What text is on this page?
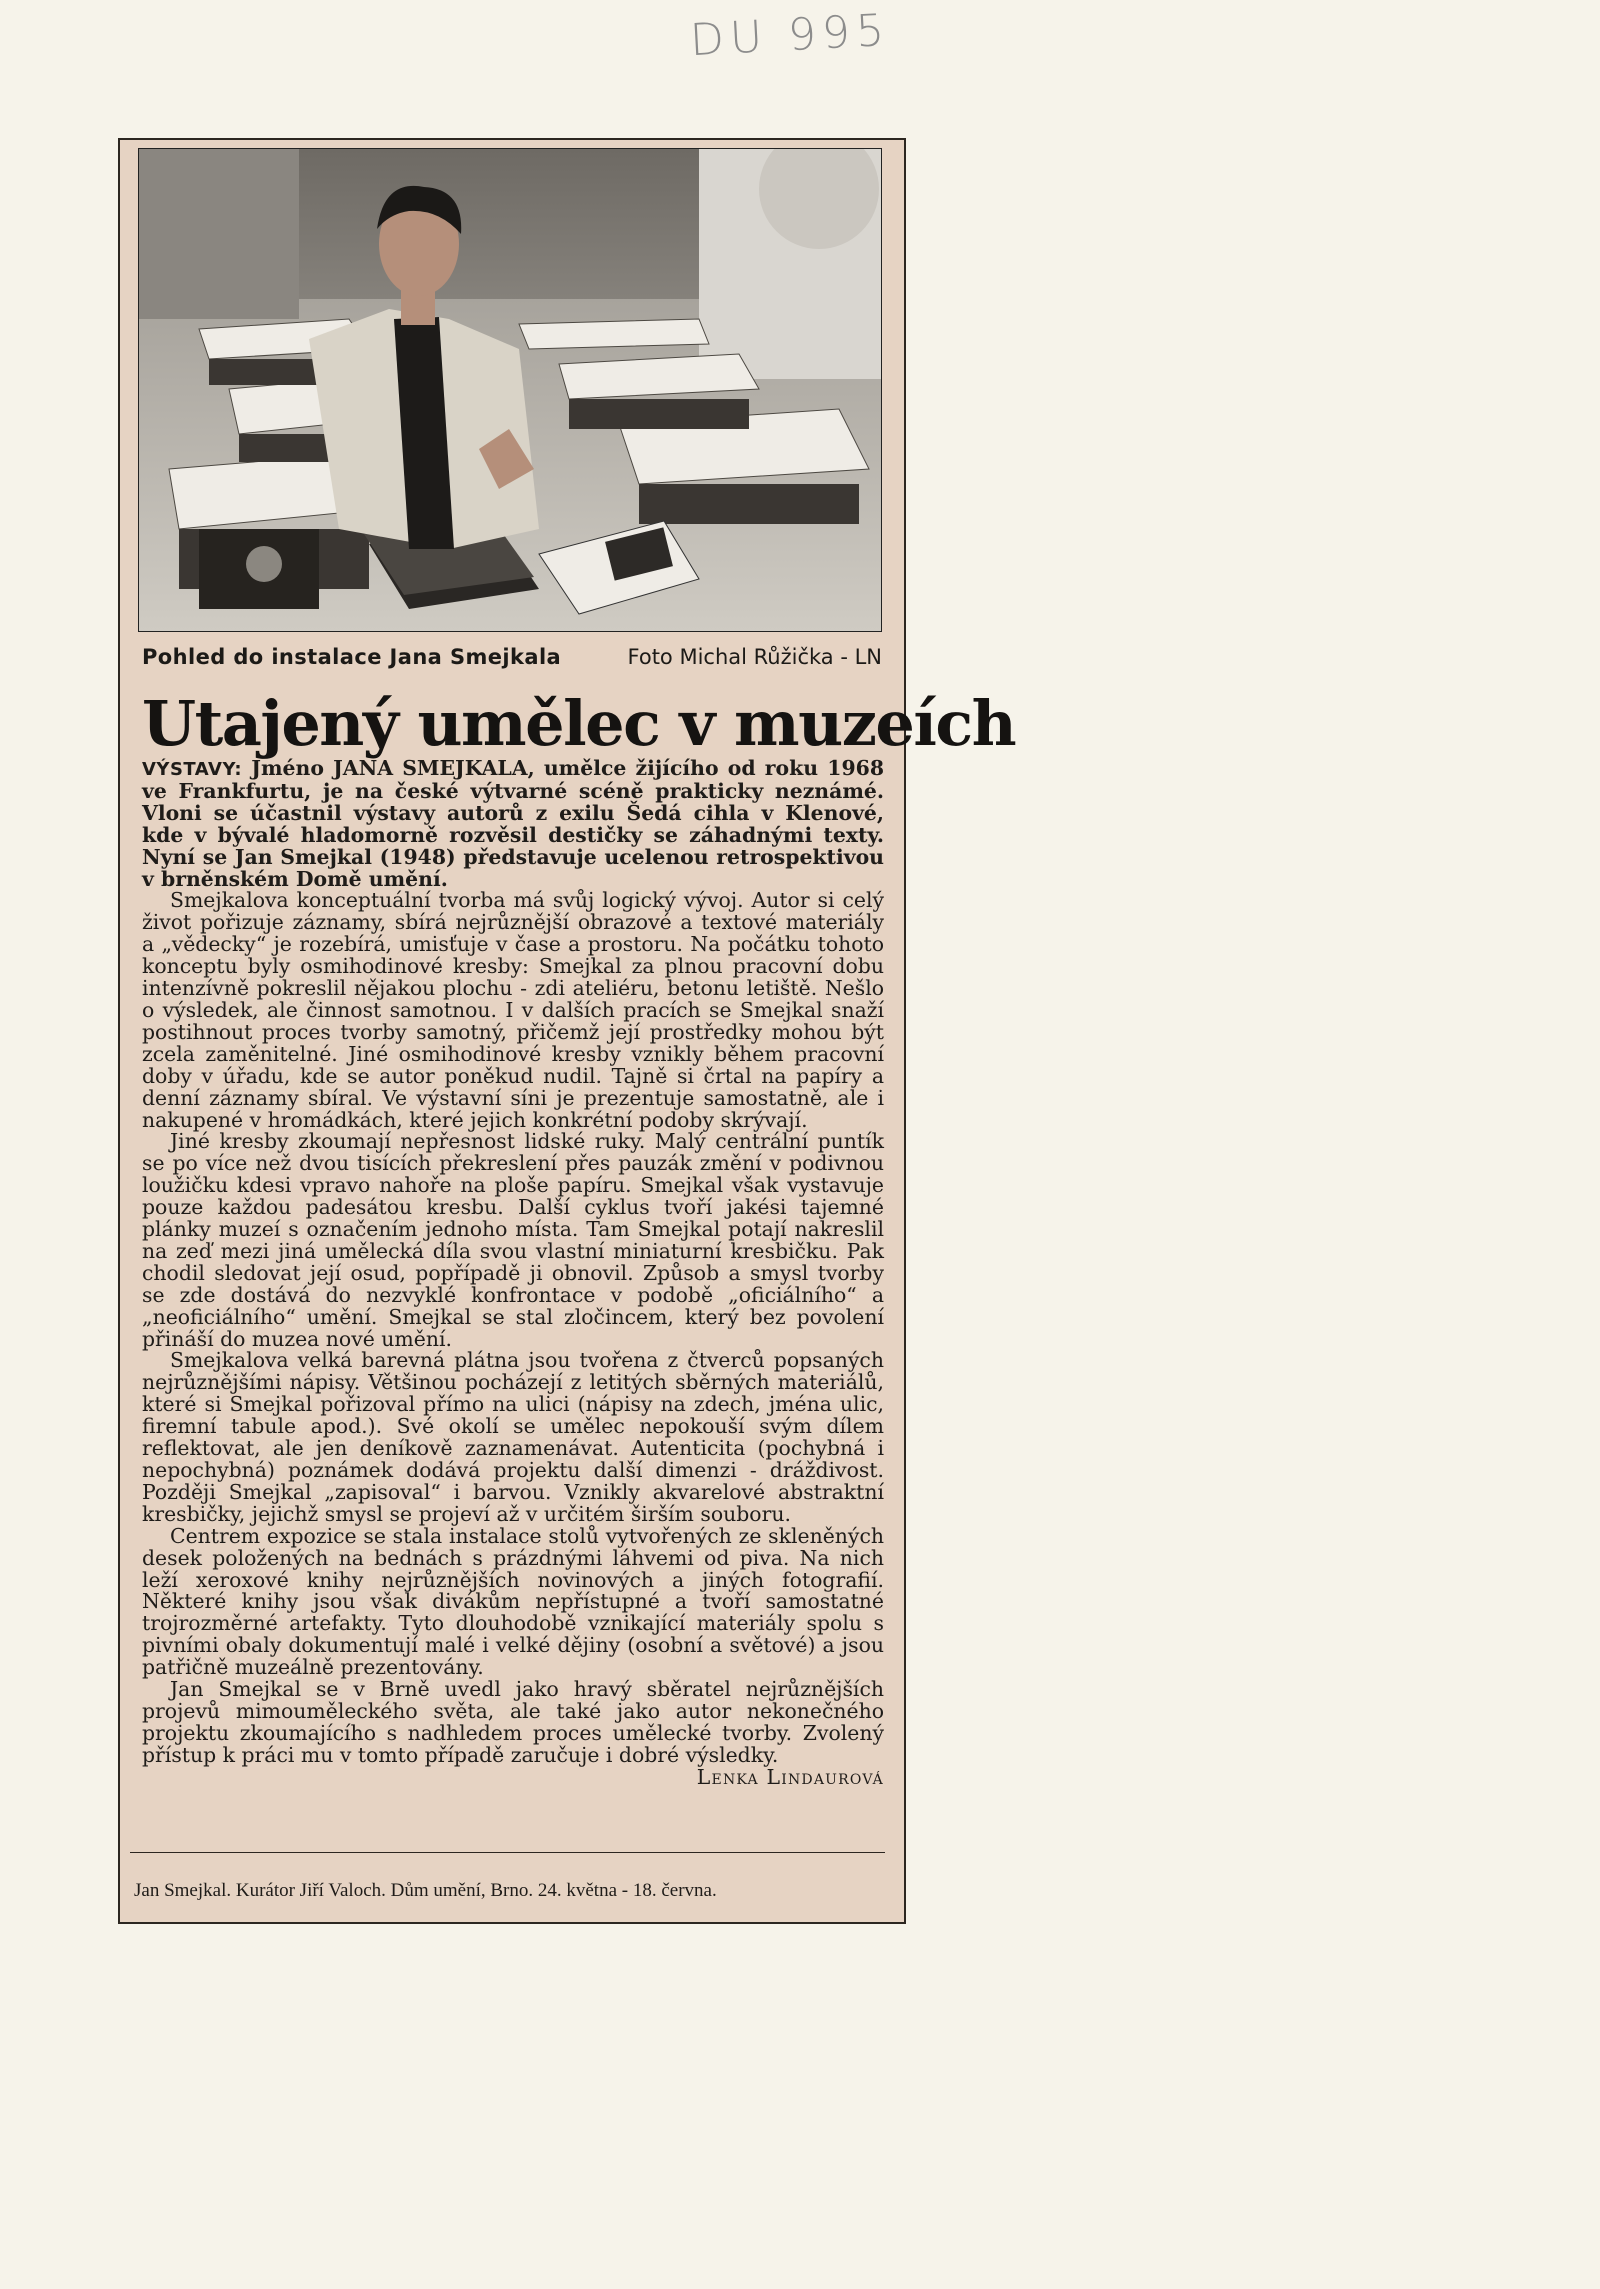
DU 995
Pohled do instalace Jana Smejkala	Foto Michal Růžička - LN
Utajený umělec v muzeích

VÝSTAVY: Jméno JANA SMEJKALA, umělce žijícího od roku 1968 ve Frankfurtu, je na české výtvarné scéně prakticky neznámé. Vloni se účastnil výstavy autorů z exilu Šedá cihla v Klenové, kde v bývalé hladomorně rozvěsil destičky se záhadnými texty. Nyní se Jan Smejkal (1948) představuje ucelenou retrospektivou v brněnském Domě umění.

Smejkalova konceptuální tvorba má svůj logický vývoj. Autor si celý život pořizuje záznamy, sbírá nejrůznější obrazové a textové materiály a „vědecky“ je rozebírá, umisťuje v čase a prostoru. Na počátku tohoto konceptu byly osmihodinové kresby: Smejkal za plnou pracovní dobu intenzívně pokreslil nějakou plochu - zdi ateliéru, betonu letiště. Nešlo o výsledek, ale činnost samotnou. I v dalších pracích se Smejkal snaží postihnout proces tvorby samotný, přičemž její prostředky mohou být zcela zaměnitelné. Jiné osmihodinové kresby vznikly během pracovní doby v úřadu, kde se autor poněkud nudil. Tajně si črtal na papíry a denní záznamy sbíral. Ve výstavní síni je prezentuje samostatně, ale i nakupené v hromádkách, které jejich konkrétní podoby skrývají.

Jiné kresby zkoumají nepřesnost lidské ruky. Malý centrální puntík se po více než dvou tisících překreslení přes pauzák změní v podivnou loužičku kdesi vpravo nahoře na ploše papíru. Smejkal však vystavuje pouze každou padesátou kresbu. Další cyklus tvoří jakési tajemné plánky muzeí s označením jednoho místa. Tam Smejkal potají nakreslil na zeď mezi jiná umělecká díla svou vlastní miniaturní kresbičku. Pak chodil sledovat její osud, popřípadě ji obnovil. Způsob a smysl tvorby se zde dostává do nezvyklé konfrontace v podobě „oficiálního“ a „neoficiálního“ umění. Smejkal se stal zločincem, který bez povolení přináší do muzea nové umění.

Smejkalova velká barevná plátna jsou tvořena z čtverců popsaných nejrůznějšími nápisy. Většinou pocházejí z letitých sběrných materiálů, které si Smejkal pořizoval přímo na ulici (nápisy na zdech, jména ulic, firemní tabule apod.). Své okolí se umělec nepokouší svým dílem reflektovat, ale jen deníkově zaznamenávat. Autenticita (pochybná i nepochybná) poznámek dodává projektu další dimenzi - dráždivost. Později Smejkal „zapisoval“ i barvou. Vznikly akvarelové abstraktní kresbičky, jejichž smysl se projeví až v určitém širším souboru.

Centrem expozice se stala instalace stolů vytvořených ze skleněných desek položených na bednách s prázdnými láhvemi od piva. Na nich leží xeroxové knihy nejrůznějších novinových a jiných fotografií. Některé knihy jsou však divákům nepřístupné a tvoří samostatné trojrozměrné artefakty. Tyto dlouhodobě vznikající materiály spolu s pivními obaly dokumentují malé i velké dějiny (osobní a světové) a jsou patřičně muzeálně prezentovány.

Jan Smejkal se v Brně uvedl jako hravý sběratel nejrůznějších projevů mimouměleckého světa, ale také jako autor nekonečného projektu zkoumajícího s nadhledem proces umělecké tvorby. Zvolený přístup k práci mu v tomto případě zaručuje i dobré výsledky.
Lenka Lindaurová

Jan Smejkal. Kurátor Jiří Valoch. Dům umění, Brno. 24. května - 18. června.
